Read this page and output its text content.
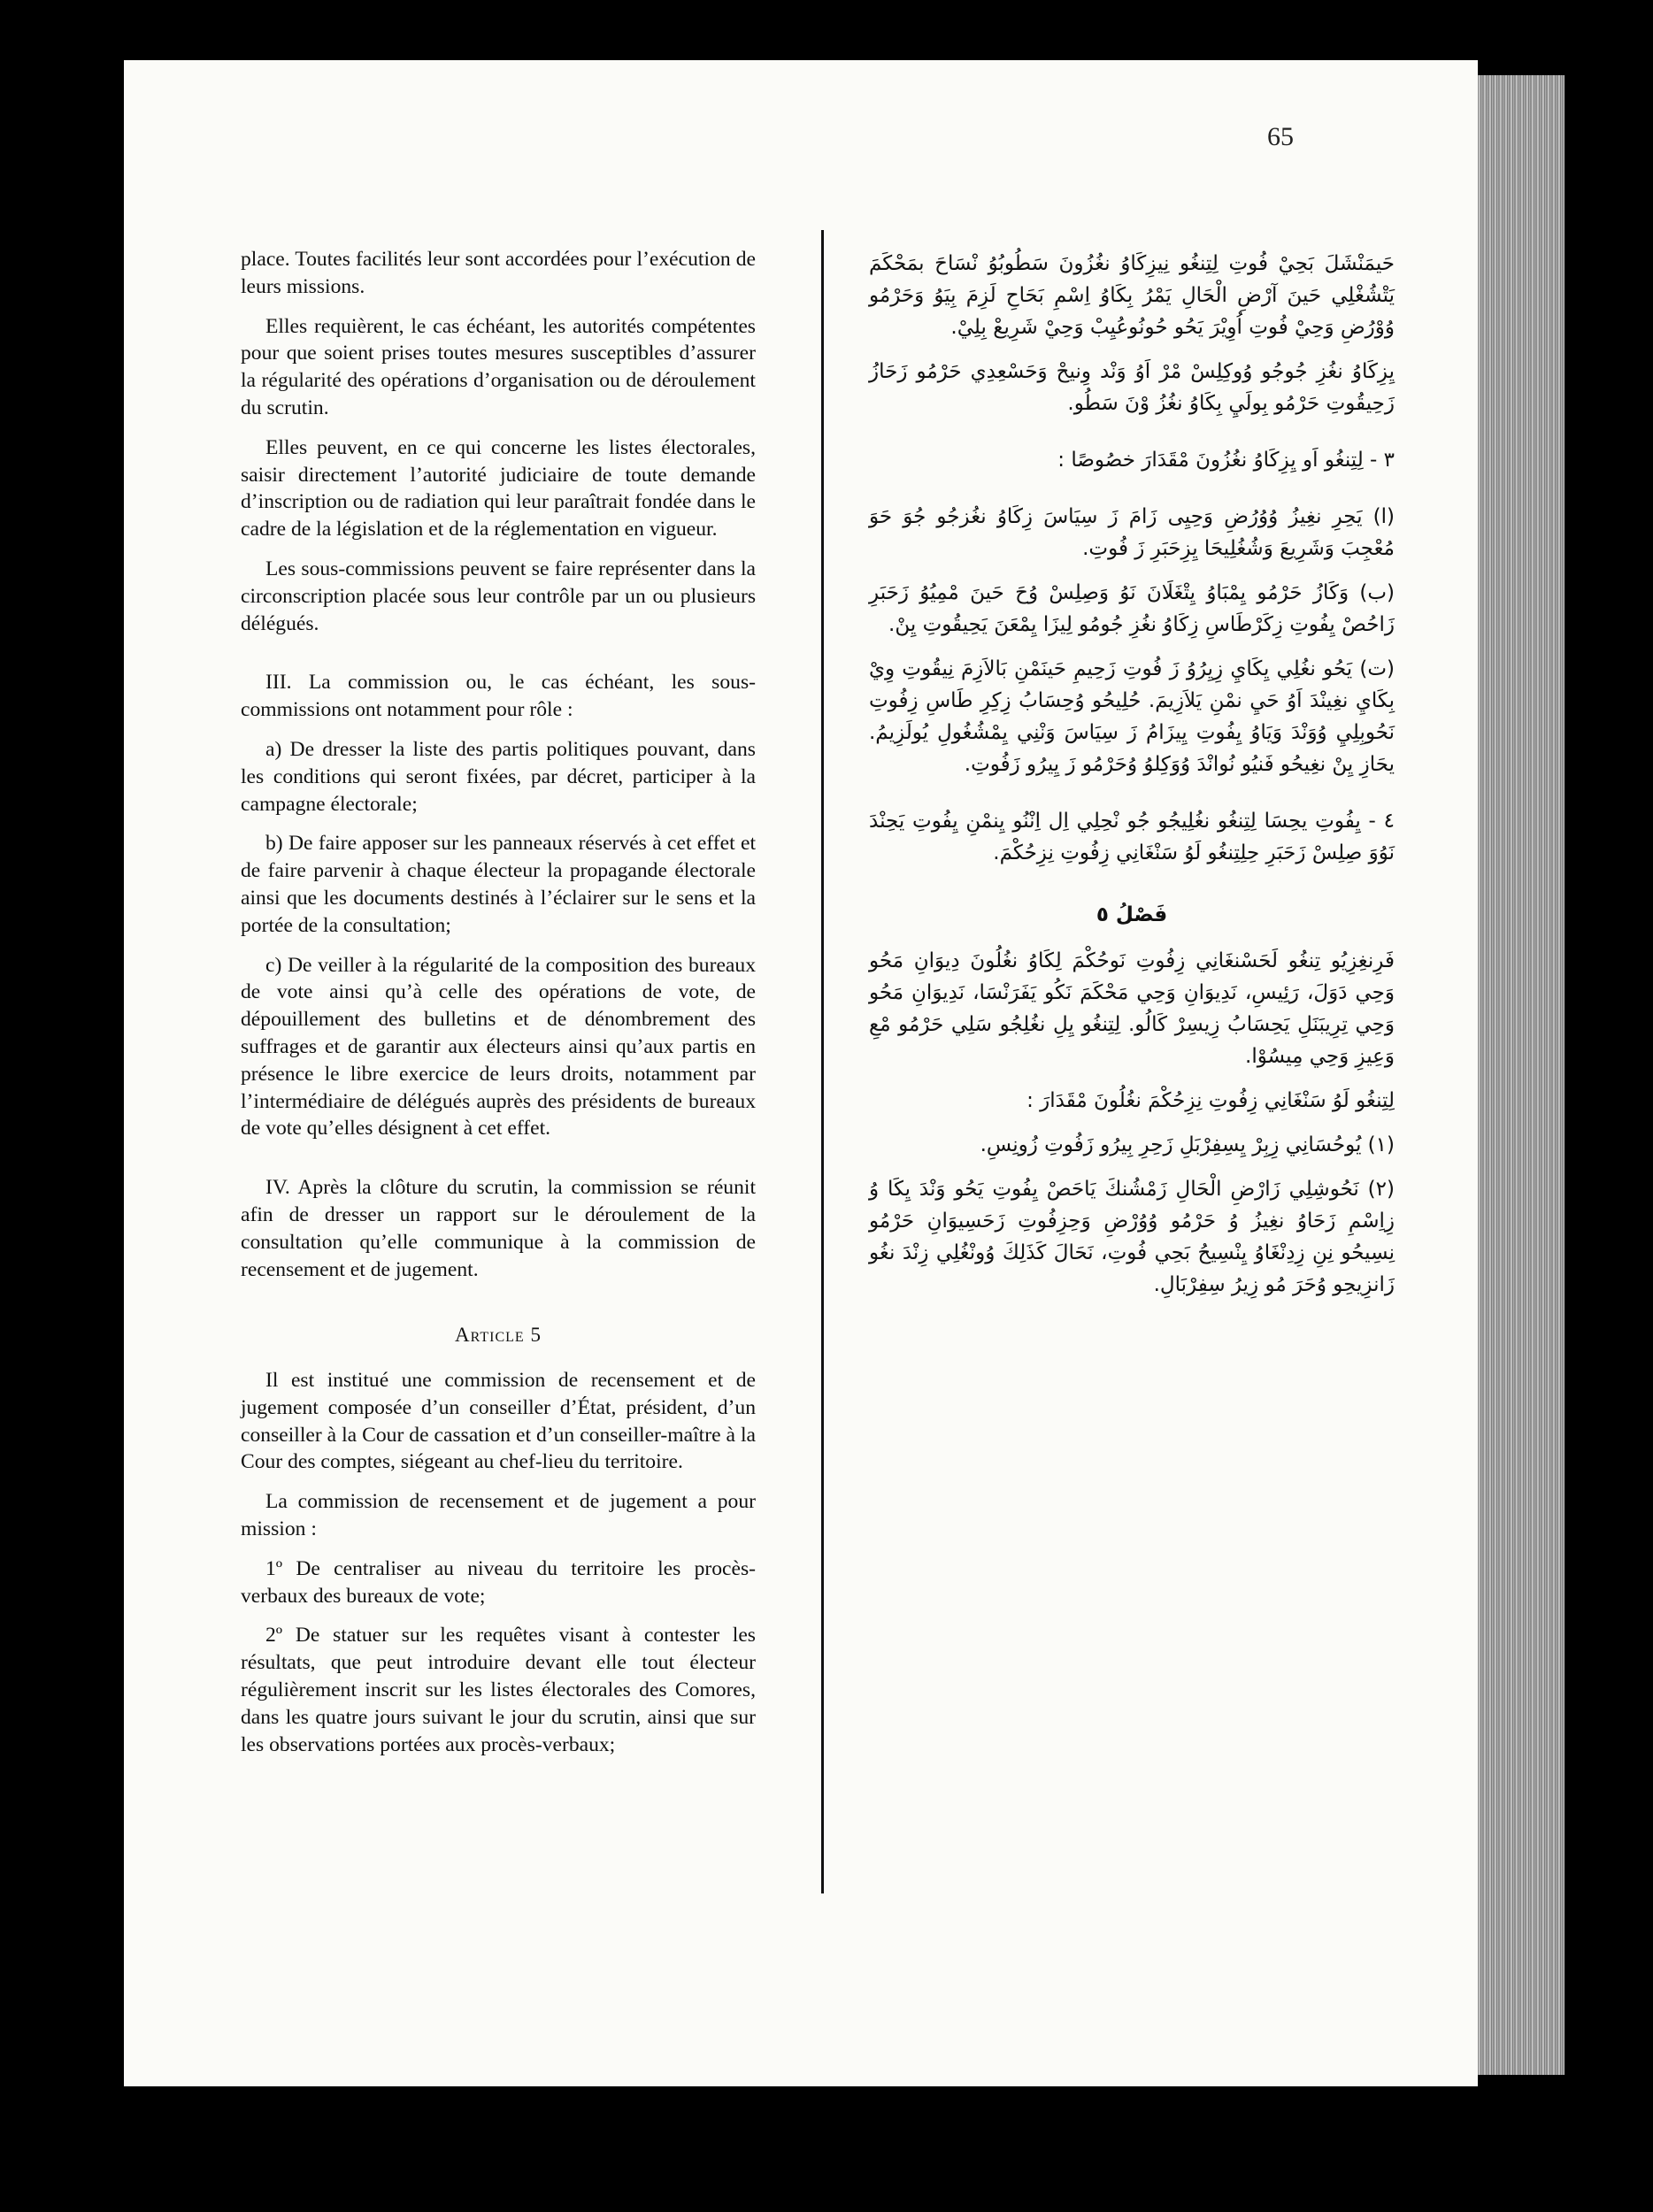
65

place. Toutes facilités leur sont accordées pour l’exécution de leurs missions.

Elles requièrent, le cas échéant, les autorités compétentes pour que soient prises toutes mesures susceptibles d’assurer la régularité des opérations d’organisation ou de déroulement du scrutin.

Elles peuvent, en ce qui concerne les listes électorales, saisir directement l’autorité judiciaire de toute demande d’inscription ou de radiation qui leur paraîtrait fondée dans le cadre de la législation et de la réglementation en vigueur.

Les sous-commissions peuvent se faire représenter dans la circonscription placée sous leur contrôle par un ou plusieurs délégués.

III. La commission ou, le cas échéant, les sous-commissions ont notamment pour rôle :

a) De dresser la liste des partis politiques pouvant, dans les conditions qui seront fixées, par décret, participer à la campagne électorale;

b) De faire apposer sur les panneaux réservés à cet effet et de faire parvenir à chaque électeur la propagande électorale ainsi que les documents destinés à l’éclairer sur le sens et la portée de la consultation;

c) De veiller à la régularité de la composition des bureaux de vote ainsi qu’à celle des opérations de vote, de dépouillement des bulletins et de dénombrement des suffrages et de garantir aux électeurs ainsi qu’aux partis en présence le libre exercice de leurs droits, notamment par l’intermédiaire de délégués auprès des présidents de bureaux de vote qu’elles désignent à cet effet.

IV. Après la clôture du scrutin, la commission se réunit afin de dresser un rapport sur le déroulement de la consultation qu’elle communique à la commission de recensement et de jugement.

Article 5

Il est institué une commission de recensement et de jugement composée d’un conseiller d’État, président, d’un conseiller à la Cour de cassation et d’un conseiller-maître à la Cour des comptes, siégeant au chef-lieu du territoire.

La commission de recensement et de jugement a pour mission :

1º De centraliser au niveau du territoire les procès-verbaux des bureaux de vote;

2º De statuer sur les requêtes visant à contester les résultats, que peut introduire devant elle tout électeur régulièrement inscrit sur les listes électorales des Comores, dans les quatre jours suivant le jour du scrutin, ainsi que sur les observations portées aux procès-verbaux;

حَيمَنْشَلَ بَحِيْ فُوتِ لِتِنغُو نِيزِكَاوُ نغُزُونَ سَطُوبُوُ نْسَاحَ بمَحْكَمَ يَتْشُغْلِي حَينَ آرْضِ الْحَالِ يَمْرُ بِكَاوُ اِسْمِ بَحَاحِ لَزِمَ بِيَوُ وَحَرْمُو وُوْرُضِ وَحِيْ فُوتِ اُوِيْرَ يَحُو حُونُوعُيِبْ وَحِيْ شَرِيعْ بِلِيْ.

يِزِكَاوُ نغُزِ جُوجُو وُوكِلِسْ مْرْ اَوُ وَنْد وِنيحْ وَحَسْعِدِي حَرْمُو زَحَازُ زَحِيقُوتِ حَرْمُو بِولَيِ بِكَاوُ نغُزُ وْنَ سَطُو.

٣ - لِتِنغُو اَو يِزِكَاوُ نغُزُونَ مْقَدَارَ خصُوصًا :

(ا) يَحِرِ نغِيزُ وُوُرُضِ وَحِيِى زَامَ زَ سِيَاسَ زِكَاوُ نغُزجُو جُوَ حَوَ مُعْجِبَ وَشَرِيعَ وَشُغُلِيحَا يِزِحَبَرِ زَ فُوتِ.

(ب) وَكَازُ حَرْمُو يِمْبَاوُ يِتْغَلَانَ نَوُ وَصِلِسْ وُحَ حَينَ مْمِيُوُ زَحَبَرِ زَاحُصْ يِفُوتِ زِكَرْطَاسِ زِكَاوُ نغُزِ جُومُو لِيزَا يِمْعَنَ يَحِيقُوتِ يِنْ.

(ت) يَحُو نغُلِي يِكَايِ زِيِرُوُ زَ فُوتِ زَحِيمِ حَينَمْنِ بَالاَزِمَ نِيقُوتِ وِيْ بِكَايِ نغِينْدَ اَوُ حَيِ نمْنِ يَلاَزِيمَ. حُلِيحُو وُحِسَابُ زِكِرِ طَاسِ زِفُوتِ نَحُوبِلِيِ وُوَنْدَ وَيَاوُ يِفُوتِ يِيزَامُ زَ سِيَاسَ وَنْنِي يِمْشُغُولِ يُولَزِيمُ. يحَازِ يِنْ نغِيحُو فَنيُو نُوانْدَ وُوَكِلوُ وُحَرْمُو زَ يِيرُو زَفُوتِ.

٤ - يِفُوتِ يحِسَا لِتِنغُو نغُلِيجُو جُو نْحِلِي اِل اِنْنُو يِنمْنِ يِفُوتِ يَحِنْدَ نَوُوَ صِلِسْ زَحَبَرِ حِلِتِنغُو لَوُ سَنْغَانِي زِفُوتِ نِزِحُكْمَ.

فَصْلُ ٥

فَرِنغِزِيُو تِنغُو لَحَسْنغَانِي زِفُوتِ نَوحُكْمَ لِكَاوُ نغُلُونَ دِيوَانِ مَحُو وَحِي دَوَلَ، رَئِيسِ، نَدِيوَانِ وَحِي مَحْكَمَ نَكُو يَفَرَنْسَا، نَدِيوَانِ مَحُو وَحِي تِرِيبَنَلِ يَحِسَابُ زِيسِرْ كَالُو. لِتِنغُو يِلِ نغُلِجُو سَلِي حَرْمُو مْعِ وَعِيزِ وَحِي مِيسُوْا.

لِتِنغُو لَوُ سَنْغَانِي زِفُوتِ نِزِحُكْمَ نغُلُونَ مْقَدَارَ :

(١) يُوحُسَانِي زِبِرْ يِسِفِرْبَلِ زَحِرِ بِيرُو زَفُوتِ زُونِسِ.

(٢) نَحُوشِلِي زَارْضِ الْحَالِ زَمْشُنكَ يَاحَصْ يِفُوتِ يَحُو وَنْدَ يِكَا وُ زِاِسْمِ زَحَاوُ نغِيزُ وُ حَرْمُو وُوُرْضِ وَحِزِفُوتِ زَحَسِيوَانِ حَرْمُو نِسِيحُو نِنِ زِدِنْغَاوُ يِنْسِيحُ بَحِي فُوتِ، نَحَالَ كَذَلِكَ وُونْغُلِي زِنْدَ نغُو زَانزِيحِو وُحَرَ مُو زِيرُ سِفِرْبَالِ.
